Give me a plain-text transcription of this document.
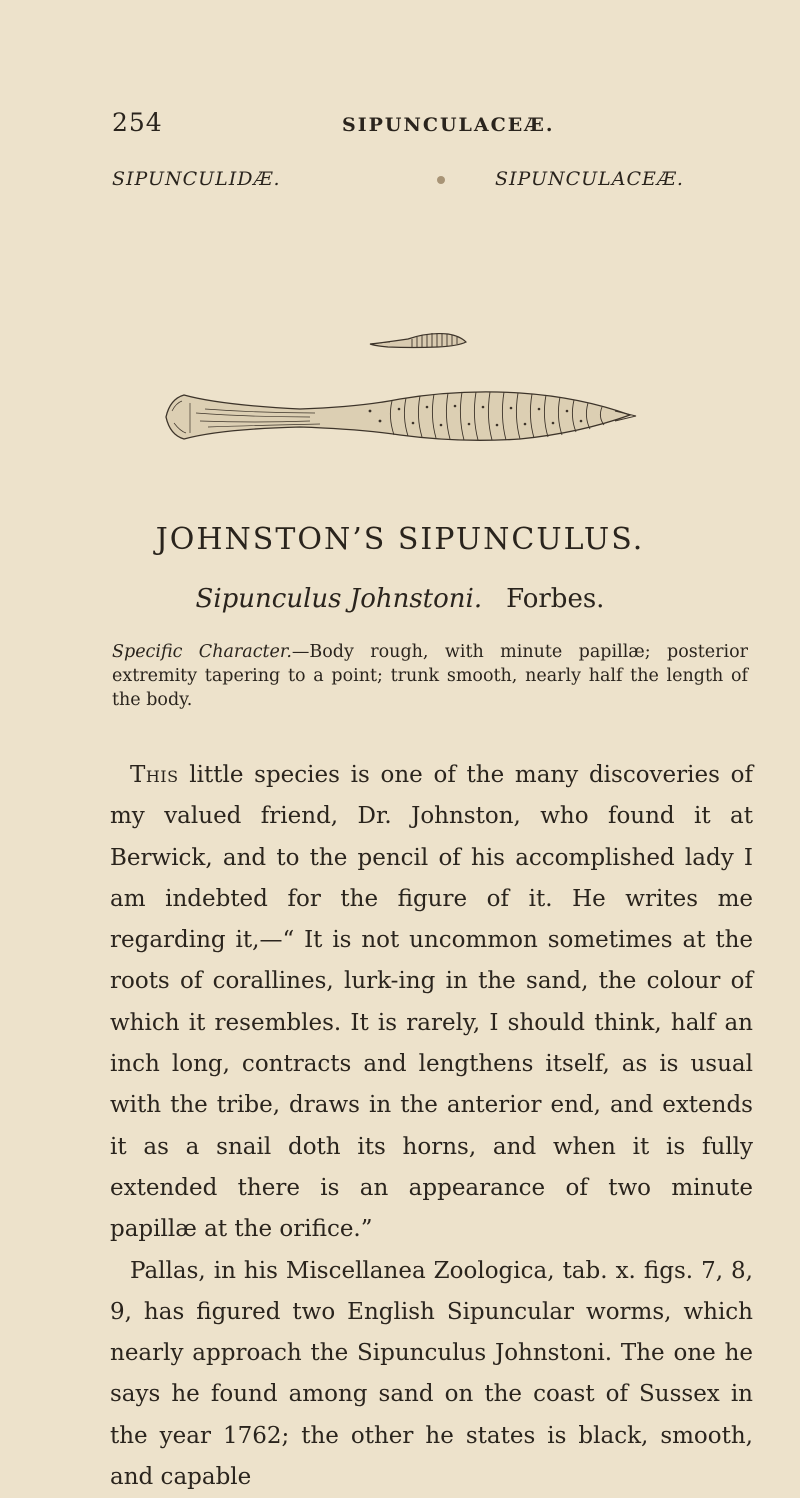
254	SIPUNCULACEÆ.
SIPUNCULIDÆ.	SIPUNCULACEÆ.
JOHNSTON’S SIPUNCULUS.
Sipunculus Johnstoni. Forbes.
Specific Character.—Body rough, with minute papillæ; posterior extremity tapering to a point; trunk smooth, nearly half the length of the body.

This little species is one of the many discoveries of my valued friend, Dr. Johnston, who found it at Berwick, and to the pencil of his accomplished lady I am indebted for the figure of it. He writes me regarding it,—“ It is not uncommon sometimes at the roots of corallines, lurk-ing in the sand, the colour of which it resembles. It is rarely, I should think, half an inch long, contracts and lengthens itself, as is usual with the tribe, draws in the anterior end, and extends it as a snail doth its horns, and when it is fully extended there is an appearance of two minute papillæ at the orifice.”

Pallas, in his Miscellanea Zoologica, tab. x. figs. 7, 8, 9, has figured two English Sipuncular worms, which nearly approach the Sipunculus Johnstoni. The one he says he found among sand on the coast of Sussex in the year 1762; the other he states is black, smooth, and capable
